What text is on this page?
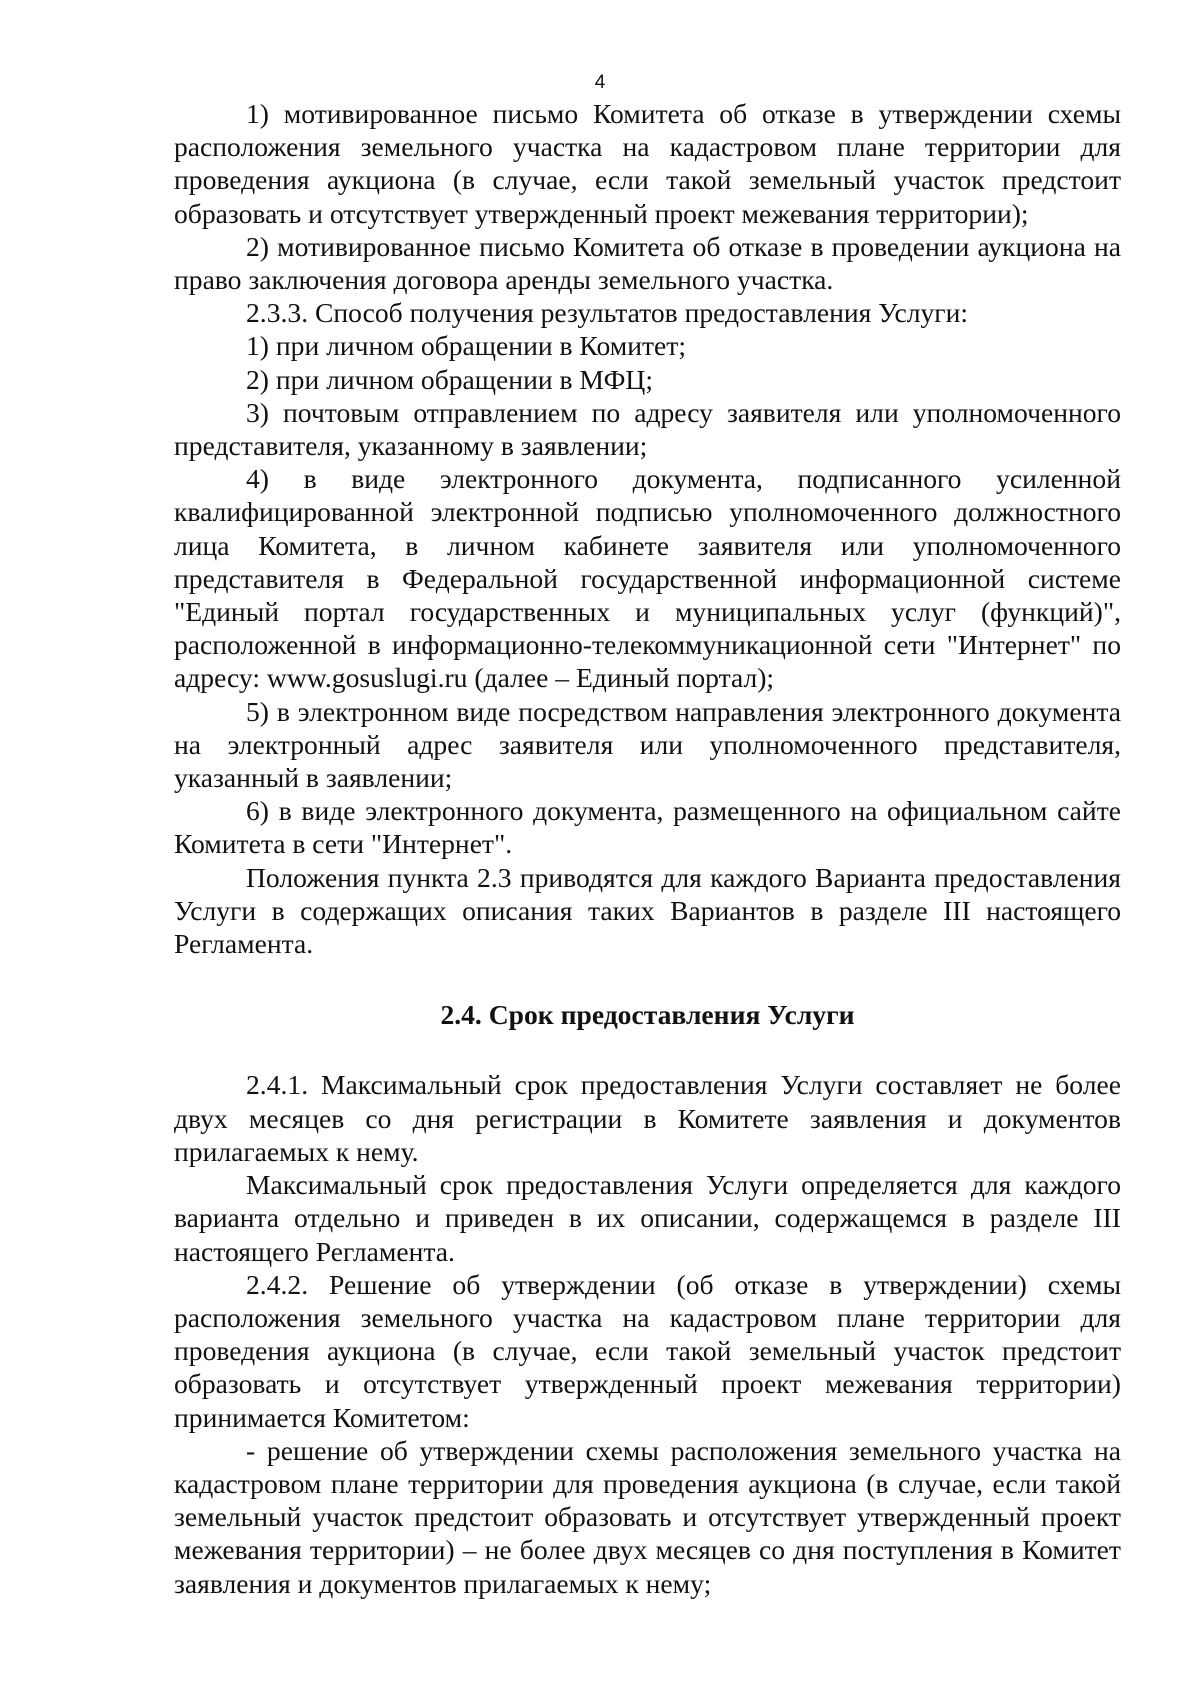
4

1) мотивированное письмо Комитета об отказе в утверждении схемы расположения земельного участка на кадастровом плане территории для проведения аукциона (в случае, если такой земельный участок предстоит образовать и отсутствует утвержденный проект межевания территории);

2) мотивированное письмо Комитета об отказе в проведении аукциона на право заключения договора аренды земельного участка.

2.3.3. Способ получения результатов предоставления Услуги:

1) при личном обращении в Комитет;

2) при личном обращении в МФЦ;

3) почтовым отправлением по адресу заявителя или уполномоченного представителя, указанному в заявлении;

4) в виде электронного документа, подписанного усиленной квалифицированной электронной подписью уполномоченного должностного лица Комитета, в личном кабинете заявителя или уполномоченного представителя в Федеральной государственной информационной системе "Единый портал государственных и муниципальных услуг (функций)", расположенной в информационно-телекоммуникационной сети "Интернет" по адресу: www.gosuslugi.ru (далее – Единый портал);

5) в электронном виде посредством направления электронного документа на электронный адрес заявителя или уполномоченного представителя, указанный в заявлении;

6) в виде электронного документа, размещенного на официальном сайте Комитета в сети "Интернет".

Положения пункта 2.3 приводятся для каждого Варианта предоставления Услуги в содержащих описания таких Вариантов в разделе III настоящего Регламента.

2.4. Срок предоставления Услуги

2.4.1. Максимальный срок предоставления Услуги составляет не более двух месяцев со дня регистрации в Комитете заявления и документов прилагаемых к нему.

Максимальный срок предоставления Услуги определяется для каждого варианта отдельно и приведен в их описании, содержащемся в разделе III настоящего Регламента.

2.4.2. Решение об утверждении (об отказе в утверждении) схемы расположения земельного участка на кадастровом плане территории для проведения аукциона (в случае, если такой земельный участок предстоит образовать и отсутствует утвержденный проект межевания территории) принимается Комитетом:

- решение об утверждении схемы расположения земельного участка на кадастровом плане территории для проведения аукциона (в случае, если такой земельный участок предстоит образовать и отсутствует утвержденный проект межевания территории) – не более двух месяцев со дня поступления в Комитет заявления и документов прилагаемых к нему;
